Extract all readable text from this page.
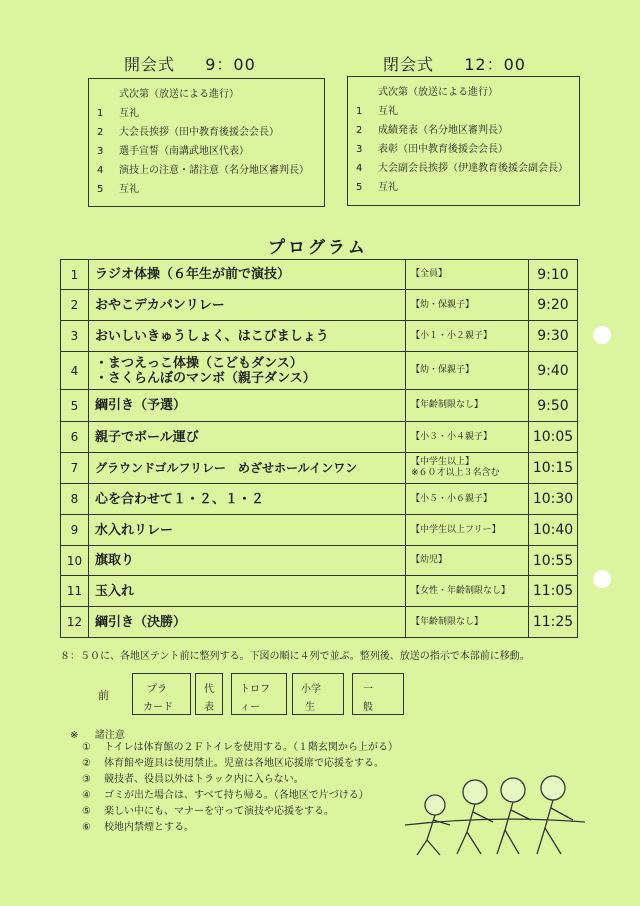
開会式 9：00
式次第（放送による進行）
1 互礼
2 大会長挨拶（田中教育後援会会長）
3 選手宣誓（南講武地区代表）
4 演技上の注意・諸注意（名分地区審判長）
5 互礼
閉会式 12：00
式次第（放送による進行）
1 互礼
2 成績発表（名分地区審判長）
3 表彰（田中教育後援会会長）
4 大会副会長挨拶（伊達教育後援会副会長）
5 互礼
プログラム
1	ラジオ体操（６年生が前で演技）	【全員】	9:10
2	おやこデカパンリレー	【幼・保親子】	9:20
3	おいしいきゅうしょく、はこびましょう	【小１・小２親子】	9:30
4	・まつえっこ体操（こどもダンス）
・さくらんぼのマンボ（親子ダンス）	【幼・保親子】	9:40
5	綱引き（予選）	【年齢制限なし】	9:50
6	親子でボール運び	【小３・小４親子】	10:05
7	グラウンドゴルフリレー　めざせホールインワン	【中学生以上】
※６０才以上３名含む	10:15
8	心を合わせて１・２、１・２	【小５・小６親子】	10:30
9	水入れリレー	【中学生以上フリー】	10:40
10	旗取り	【幼児】	10:55
11	玉入れ	【女性・年齢制限なし】	11:05
12	綱引き（決勝）	【年齢制限なし】	11:25
８：５０に、各地区テント前に整列する。下図の順に４列で並ぶ。整列後、放送の指示で本部前に移動。
前	プラ
カード
代
表
トロフ
ィー
小学
生
一
般
※ 諸注意
① トイレは体育館の２Ｆトイレを使用する。（１階玄関から上がる）
② 体育館や遊具は使用禁止。児童は各地区応援席で応援をする。
③ 競技者、役員以外はトラック内に入らない。
④ ゴミが出た場合は、すべて持ち帰る。（各地区で片づける）
⑤ 楽しい中にも、マナーを守って演技や応援をする。
⑥ 校地内禁煙とする。
